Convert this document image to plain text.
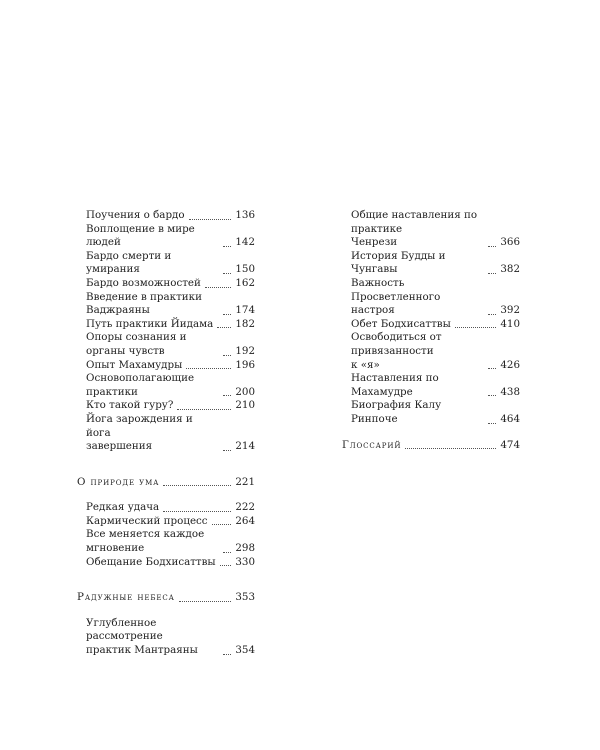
Поучения о бардо	136
Воплощение в мире людей	142
Бардо смерти и умирания	150
Бардо возможностей	162
Введение в практики Ваджраяны	174
Путь практики Йидама 182
Опоры сознания и органы чувств	192
Опыт Махамудры	196
Основополагающие практики	200
Кто такой гуру?	210
Йога зарождения и йога
завершения	214
О природе ума	221
Редкая удача	222
Кармический процесс	264
Все меняется каждое мгновение	298
Обещание Бодхисаттвы 330
Радужные небеса	353
Углубленное рассмотрение
практик Мантраяны	354
Общие наставления по практике
Ченрези	366
История Будды и Чунгавы	382
Важность Просветленного
настроя	392
Обет Бодхисаттвы	410
Освободиться от привязанности
к «я»	426
Наставления по Махамудре	438
Биография Калу Ринпоче	464
Глоссарий	474
